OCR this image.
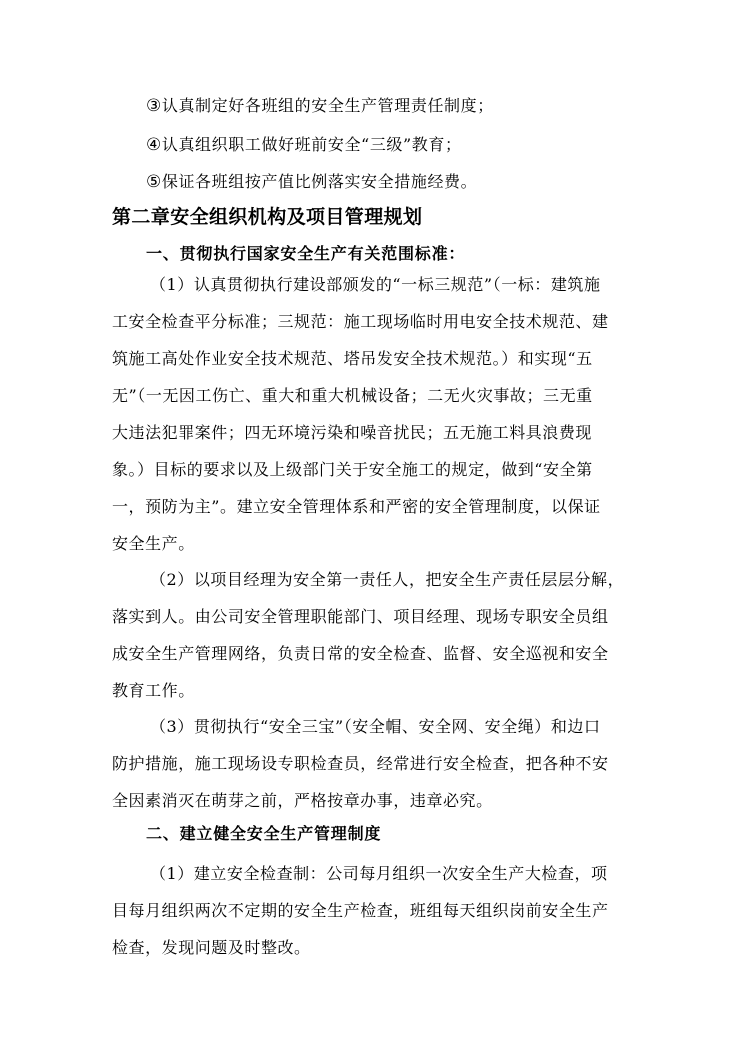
③认真制定好各班组的安全生产管理责任制度；
④认真组织职工做好班前安全“三级”教育；
⑤保证各班组按产值比例落实安全措施经费。
第二章安全组织机构及项目管理规划
一、贯彻执行国家安全生产有关范围标准：
（1）认真贯彻执行建设部颁发的“一标三规范”（一标：建筑施
工安全检查平分标准；三规范：施工现场临时用电安全技术规范、建
筑施工高处作业安全技术规范、塔吊发安全技术规范。）和实现“五
无”（一无因工伤亡、重大和重大机械设备；二无火灾事故；三无重
大违法犯罪案件；四无环境污染和噪音扰民；五无施工料具浪费现
象。）目标的要求以及上级部门关于安全施工的规定，做到“安全第
一，预防为主”。建立安全管理体系和严密的安全管理制度，以保证
安全生产。
（2）以项目经理为安全第一责任人，把安全生产责任层层分解，
落实到人。由公司安全管理职能部门、项目经理、现场专职安全员组
成安全生产管理网络，负责日常的安全检查、监督、安全巡视和安全
教育工作。
（3）贯彻执行“安全三宝”（安全帽、安全网、安全绳）和边口
防护措施，施工现场设专职检查员，经常进行安全检查，把各种不安
全因素消灭在萌芽之前，严格按章办事，违章必究。
二、建立健全安全生产管理制度
（1）建立安全检查制：公司每月组织一次安全生产大检查，项
目每月组织两次不定期的安全生产检查，班组每天组织岗前安全生产
检查，发现问题及时整改。
